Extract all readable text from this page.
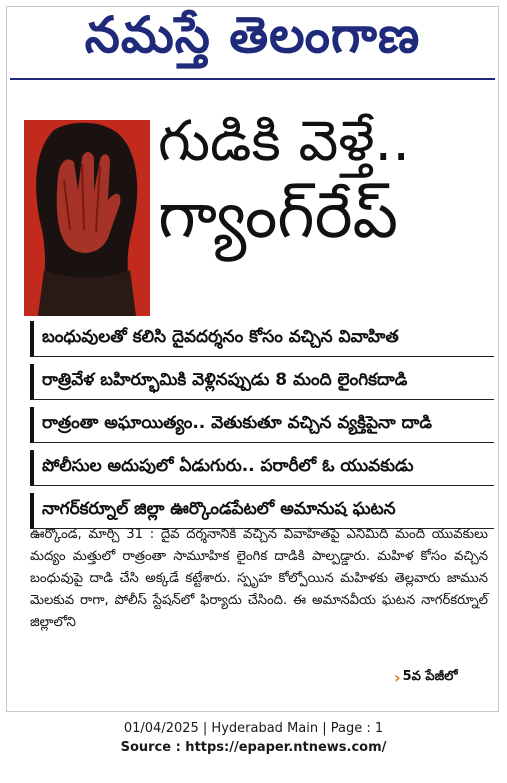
నమస్తే తెలంగాణ
గుడికి వెళ్తే..
గ్యాంగ్‌రేప్
బంధువులతో కలిసి దైవదర్శనం కోసం వచ్చిన వివాహిత
రాత్రివేళ బహిర్భూమికి వెళ్లినప్పుడు 8 మంది లైంగికదాడి
రాత్రంతా అఘాయిత్యం.. వెతుకుతూ వచ్చిన వ్యక్తిపైనా దాడి
పోలీసుల అదుపులో ఏడుగురు.. పరారీలో ఓ యువకుడు
నాగర్‌కర్నూల్ జిల్లా ఊర్కొండపేటలో అమానుష ఘటన
ఊర్కొండ, మార్చి 31 : దైవ దర్శనానికి వచ్చిన వివాహితపై ఎనిమిది మంది యువకులు మద్యం మత్తులో రాత్రంతా సామూహిక లైంగిక దాడికి పాల్పడ్డారు. మహిళ కోసం వచ్చిన బంధువుపై దాడి చేసి అక్కడే కట్టేశారు. స్పృహ కోల్పోయిన మహిళకు తెల్లవారు జామున మెలకువ రాగా, పోలీస్ స్టేషన్‌లో ఫిర్యాదు చేసింది. ఈ అమానవీయ ఘటన నాగర్‌కర్నూల్ జిల్లాలోని
› 5వ పేజీలో
01/04/2025 | Hyderabad Main | Page : 1
Source : https://epaper.ntnews.com/
